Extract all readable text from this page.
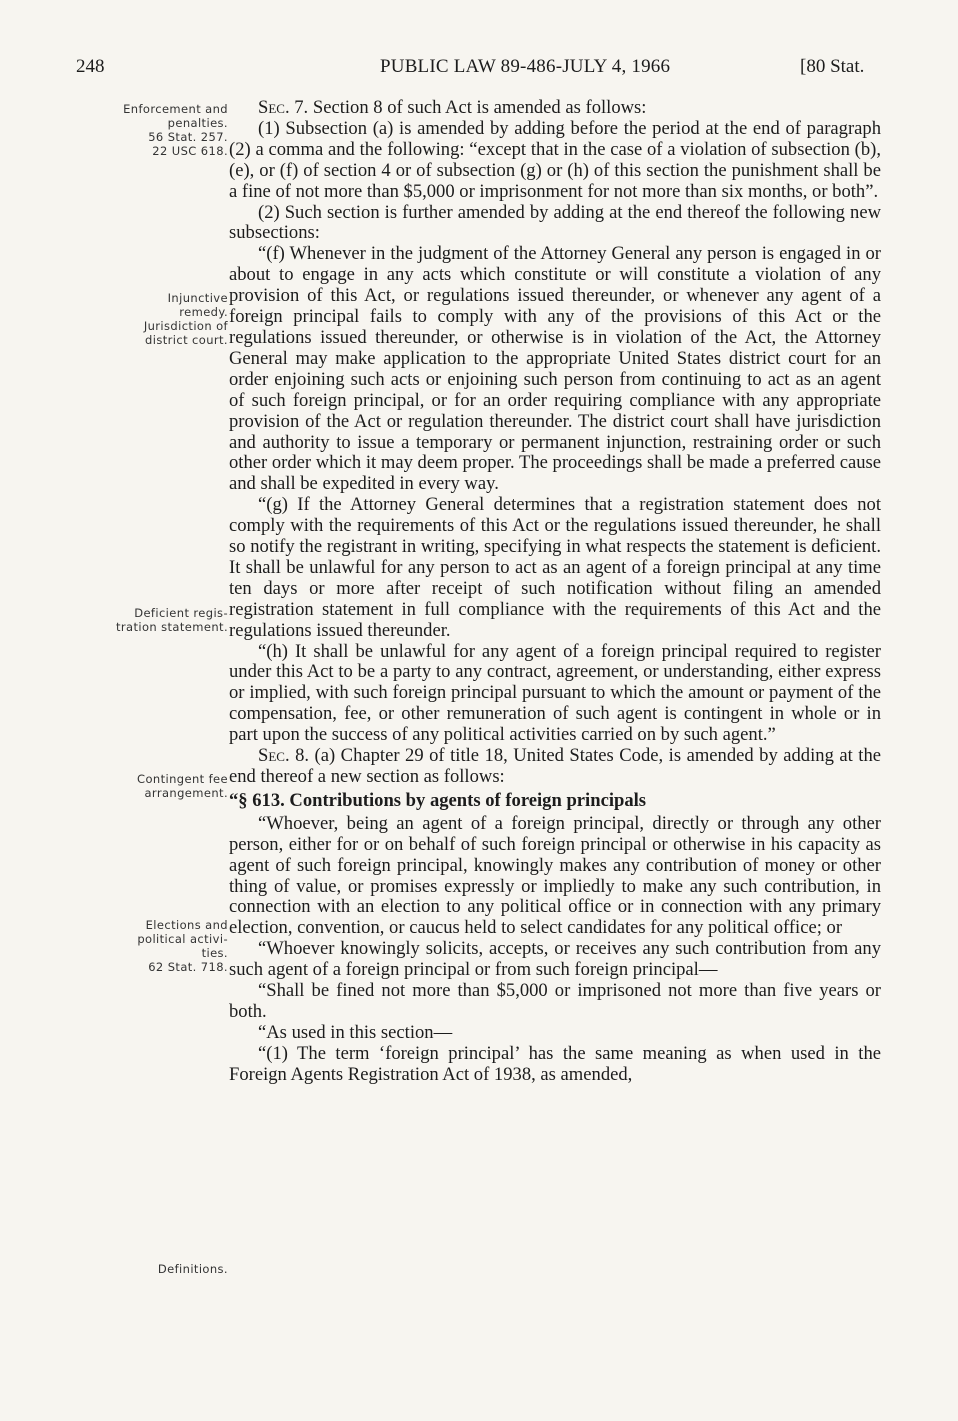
248	PUBLIC LAW 89-486-JULY 4, 1966	[80 Stat.
Enforcement and
penalties.
56 Stat. 257.
22 USC 618.
Injunctive
remedy.
Jurisdiction of
district court.
Deficient regis-
tration statement.
Contingent fee
arrangement.
Elections and
political activi-
ties.
62 Stat. 718.
Definitions.

Sec. 7. Section 8 of such Act is amended as follows:

(1) Subsection (a) is amended by adding before the period at the end of paragraph (2) a comma and the following: “except that in the case of a violation of subsection (b), (e), or (f) of section 4 or of subsection (g) or (h) of this section the punishment shall be a fine of not more than $5,000 or imprisonment for not more than six months, or both”.

(2) Such section is further amended by adding at the end thereof the following new subsections:

“(f) Whenever in the judgment of the Attorney General any person is engaged in or about to engage in any acts which constitute or will constitute a violation of any provision of this Act, or regulations issued thereunder, or whenever any agent of a foreign principal fails to comply with any of the provisions of this Act or the regulations issued thereunder, or otherwise is in violation of the Act, the Attorney General may make application to the appropriate United States district court for an order enjoining such acts or enjoining such person from continuing to act as an agent of such foreign principal, or for an order requiring compliance with any appropriate provision of the Act or regulation thereunder. The district court shall have jurisdiction and authority to issue a temporary or permanent injunction, restraining order or such other order which it may deem proper. The proceedings shall be made a preferred cause and shall be expedited in every way.

“(g) If the Attorney General determines that a registration statement does not comply with the requirements of this Act or the regulations issued thereunder, he shall so notify the registrant in writing, specifying in what respects the statement is deficient. It shall be unlawful for any person to act as an agent of a foreign principal at any time ten days or more after receipt of such notification without filing an amended registration statement in full compliance with the requirements of this Act and the regulations issued thereunder.

“(h) It shall be unlawful for any agent of a foreign principal required to register under this Act to be a party to any contract, agreement, or understanding, either express or implied, with such foreign principal pursuant to which the amount or payment of the compensation, fee, or other remuneration of such agent is contingent in whole or in part upon the success of any political activities carried on by such agent.”

Sec. 8. (a) Chapter 29 of title 18, United States Code, is amended by adding at the end thereof a new section as follows:

“§ 613. Contributions by agents of foreign principals

“Whoever, being an agent of a foreign principal, directly or through any other person, either for or on behalf of such foreign principal or otherwise in his capacity as agent of such foreign principal, knowingly makes any contribution of money or other thing of value, or promises expressly or impliedly to make any such contribution, in connection with an election to any political office or in connection with any primary election, convention, or caucus held to select candidates for any political office; or

“Whoever knowingly solicits, accepts, or receives any such contribution from any such agent of a foreign principal or from such foreign principal—

“Shall be fined not more than $5,000 or imprisoned not more than five years or both.

“As used in this section—

“(1) The term ‘foreign principal’ has the same meaning as when used in the Foreign Agents Registration Act of 1938, as amended,
